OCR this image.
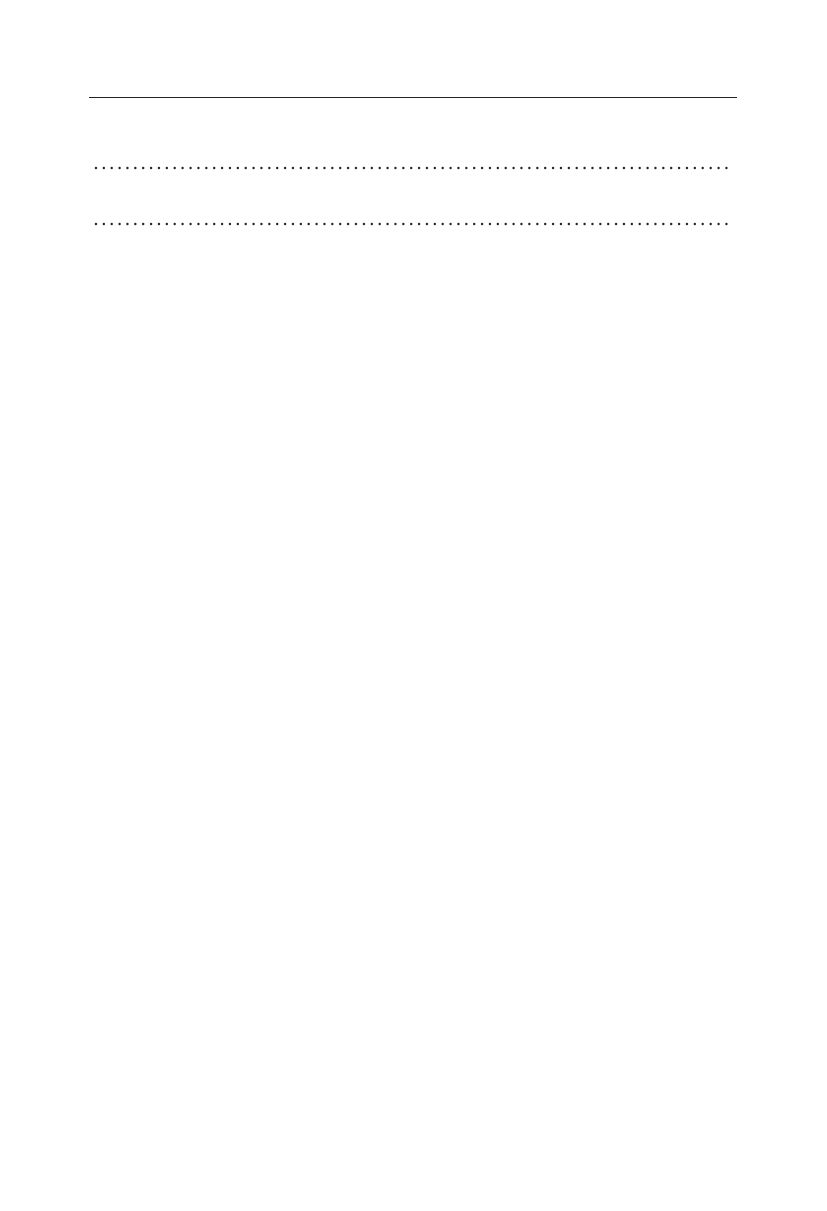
.....
.....
